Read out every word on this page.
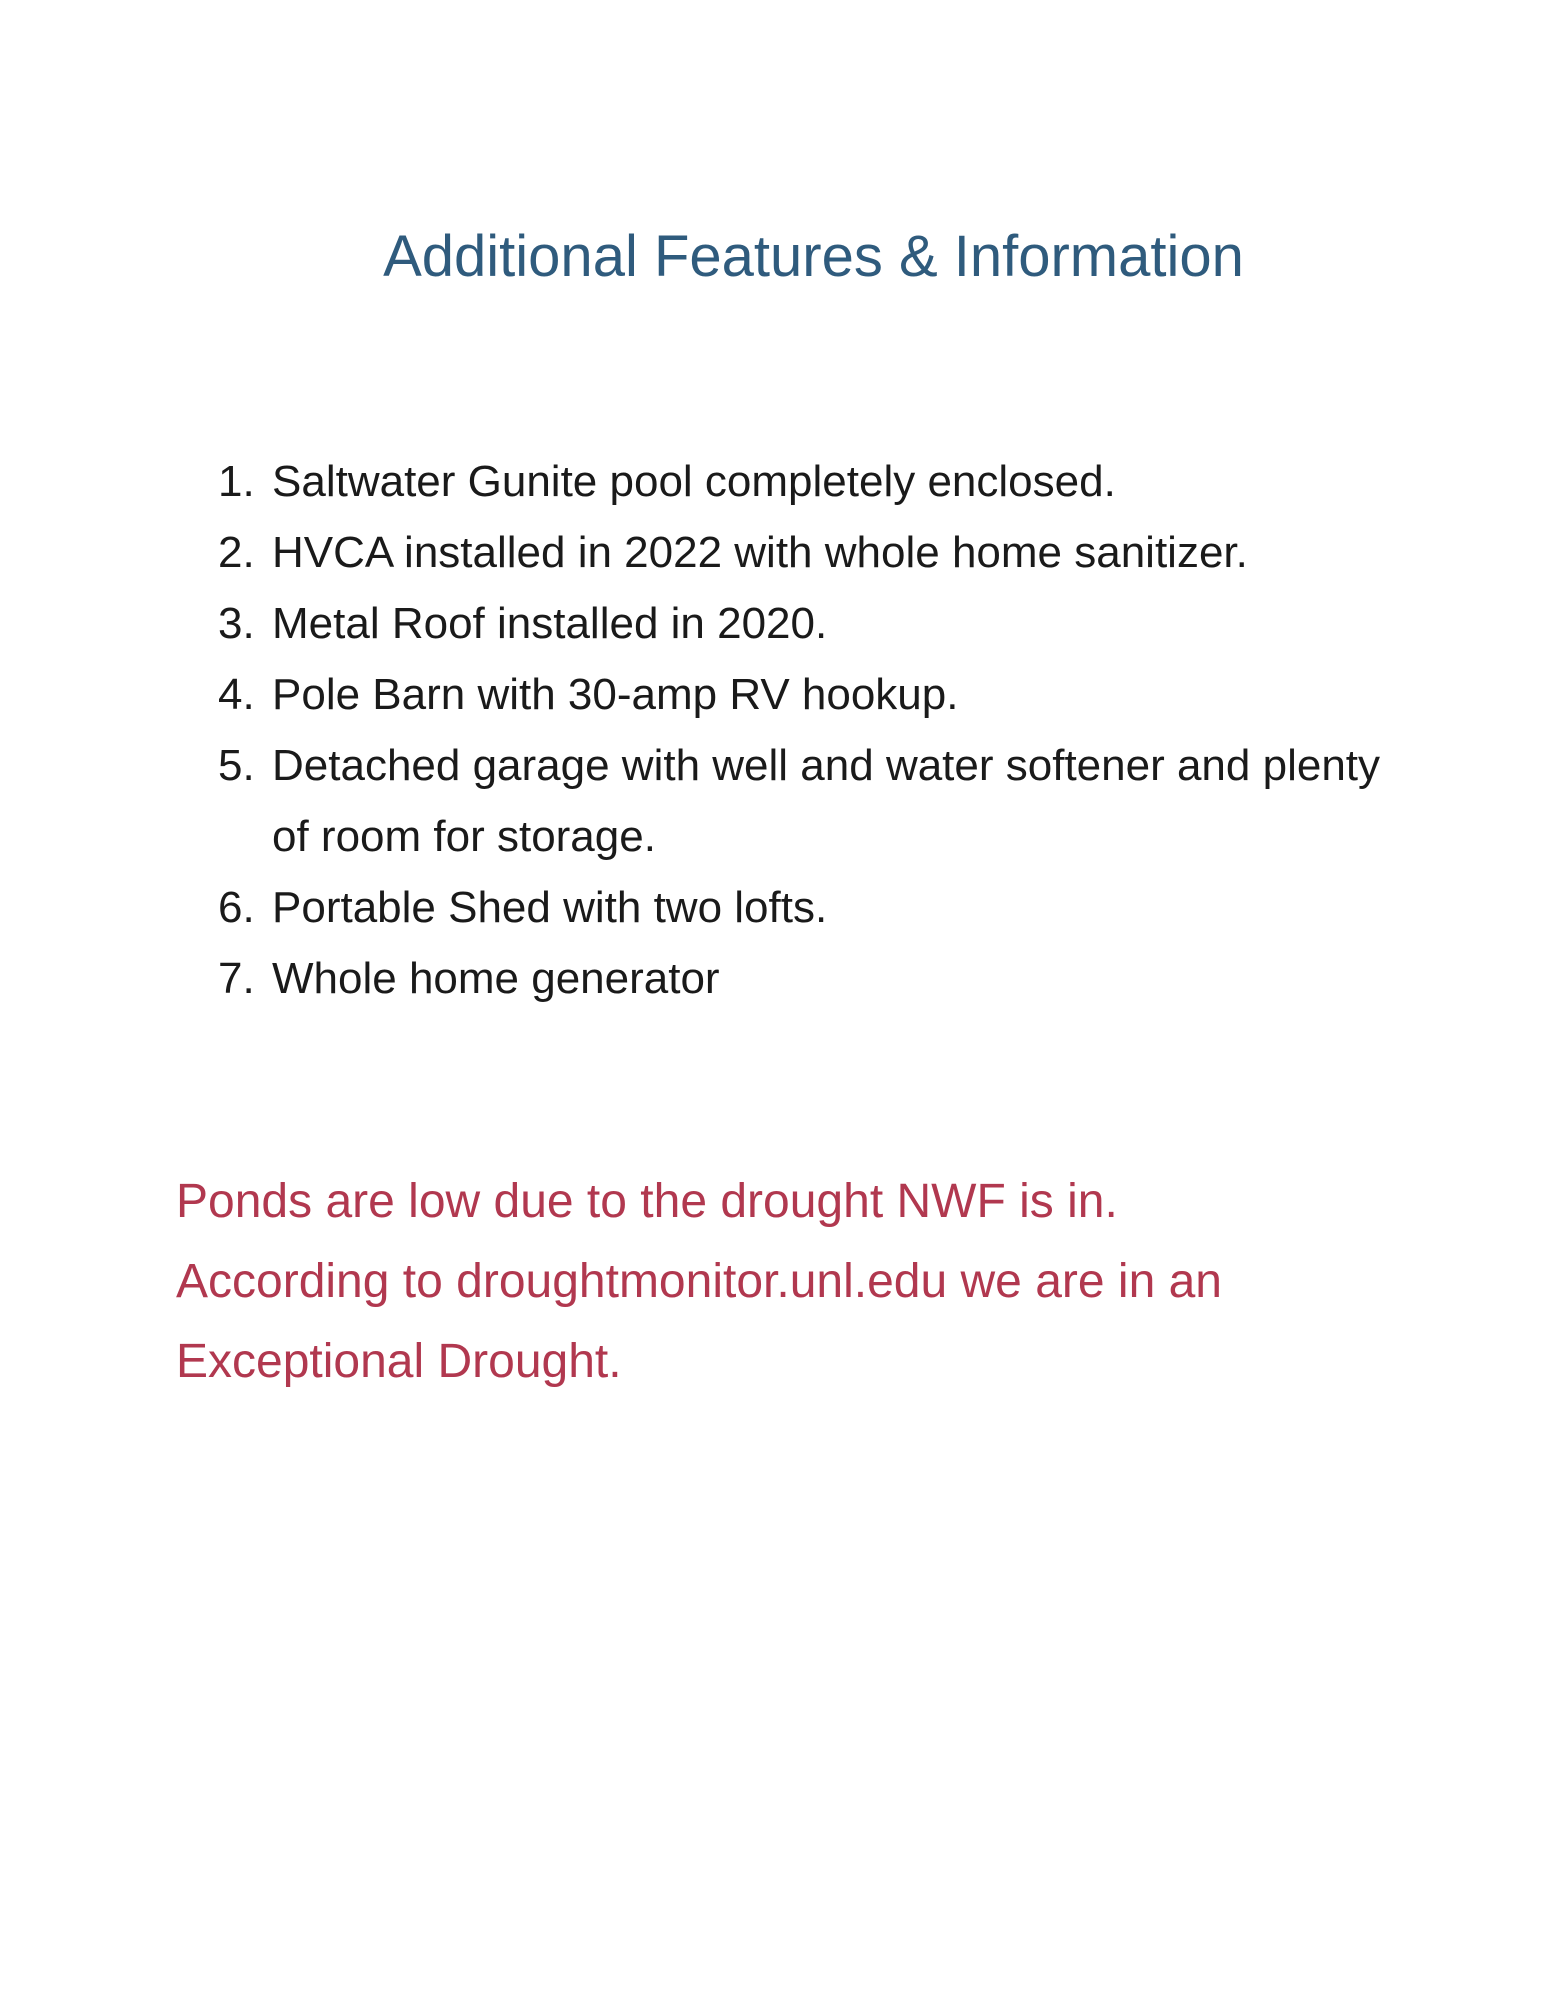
Additional Features & Information
1. Saltwater Gunite pool completely enclosed.
2. HVCA installed in 2022 with whole home sanitizer.
3. Metal Roof installed in 2020.
4. Pole Barn with 30-amp RV hookup.
5. Detached garage with well and water softener and plenty of room for storage.
6. Portable Shed with two lofts.
7. Whole home generator

Ponds are low due to the drought NWF is in.

According to droughtmonitor.unl.edu we are in an

Exceptional Drought.
